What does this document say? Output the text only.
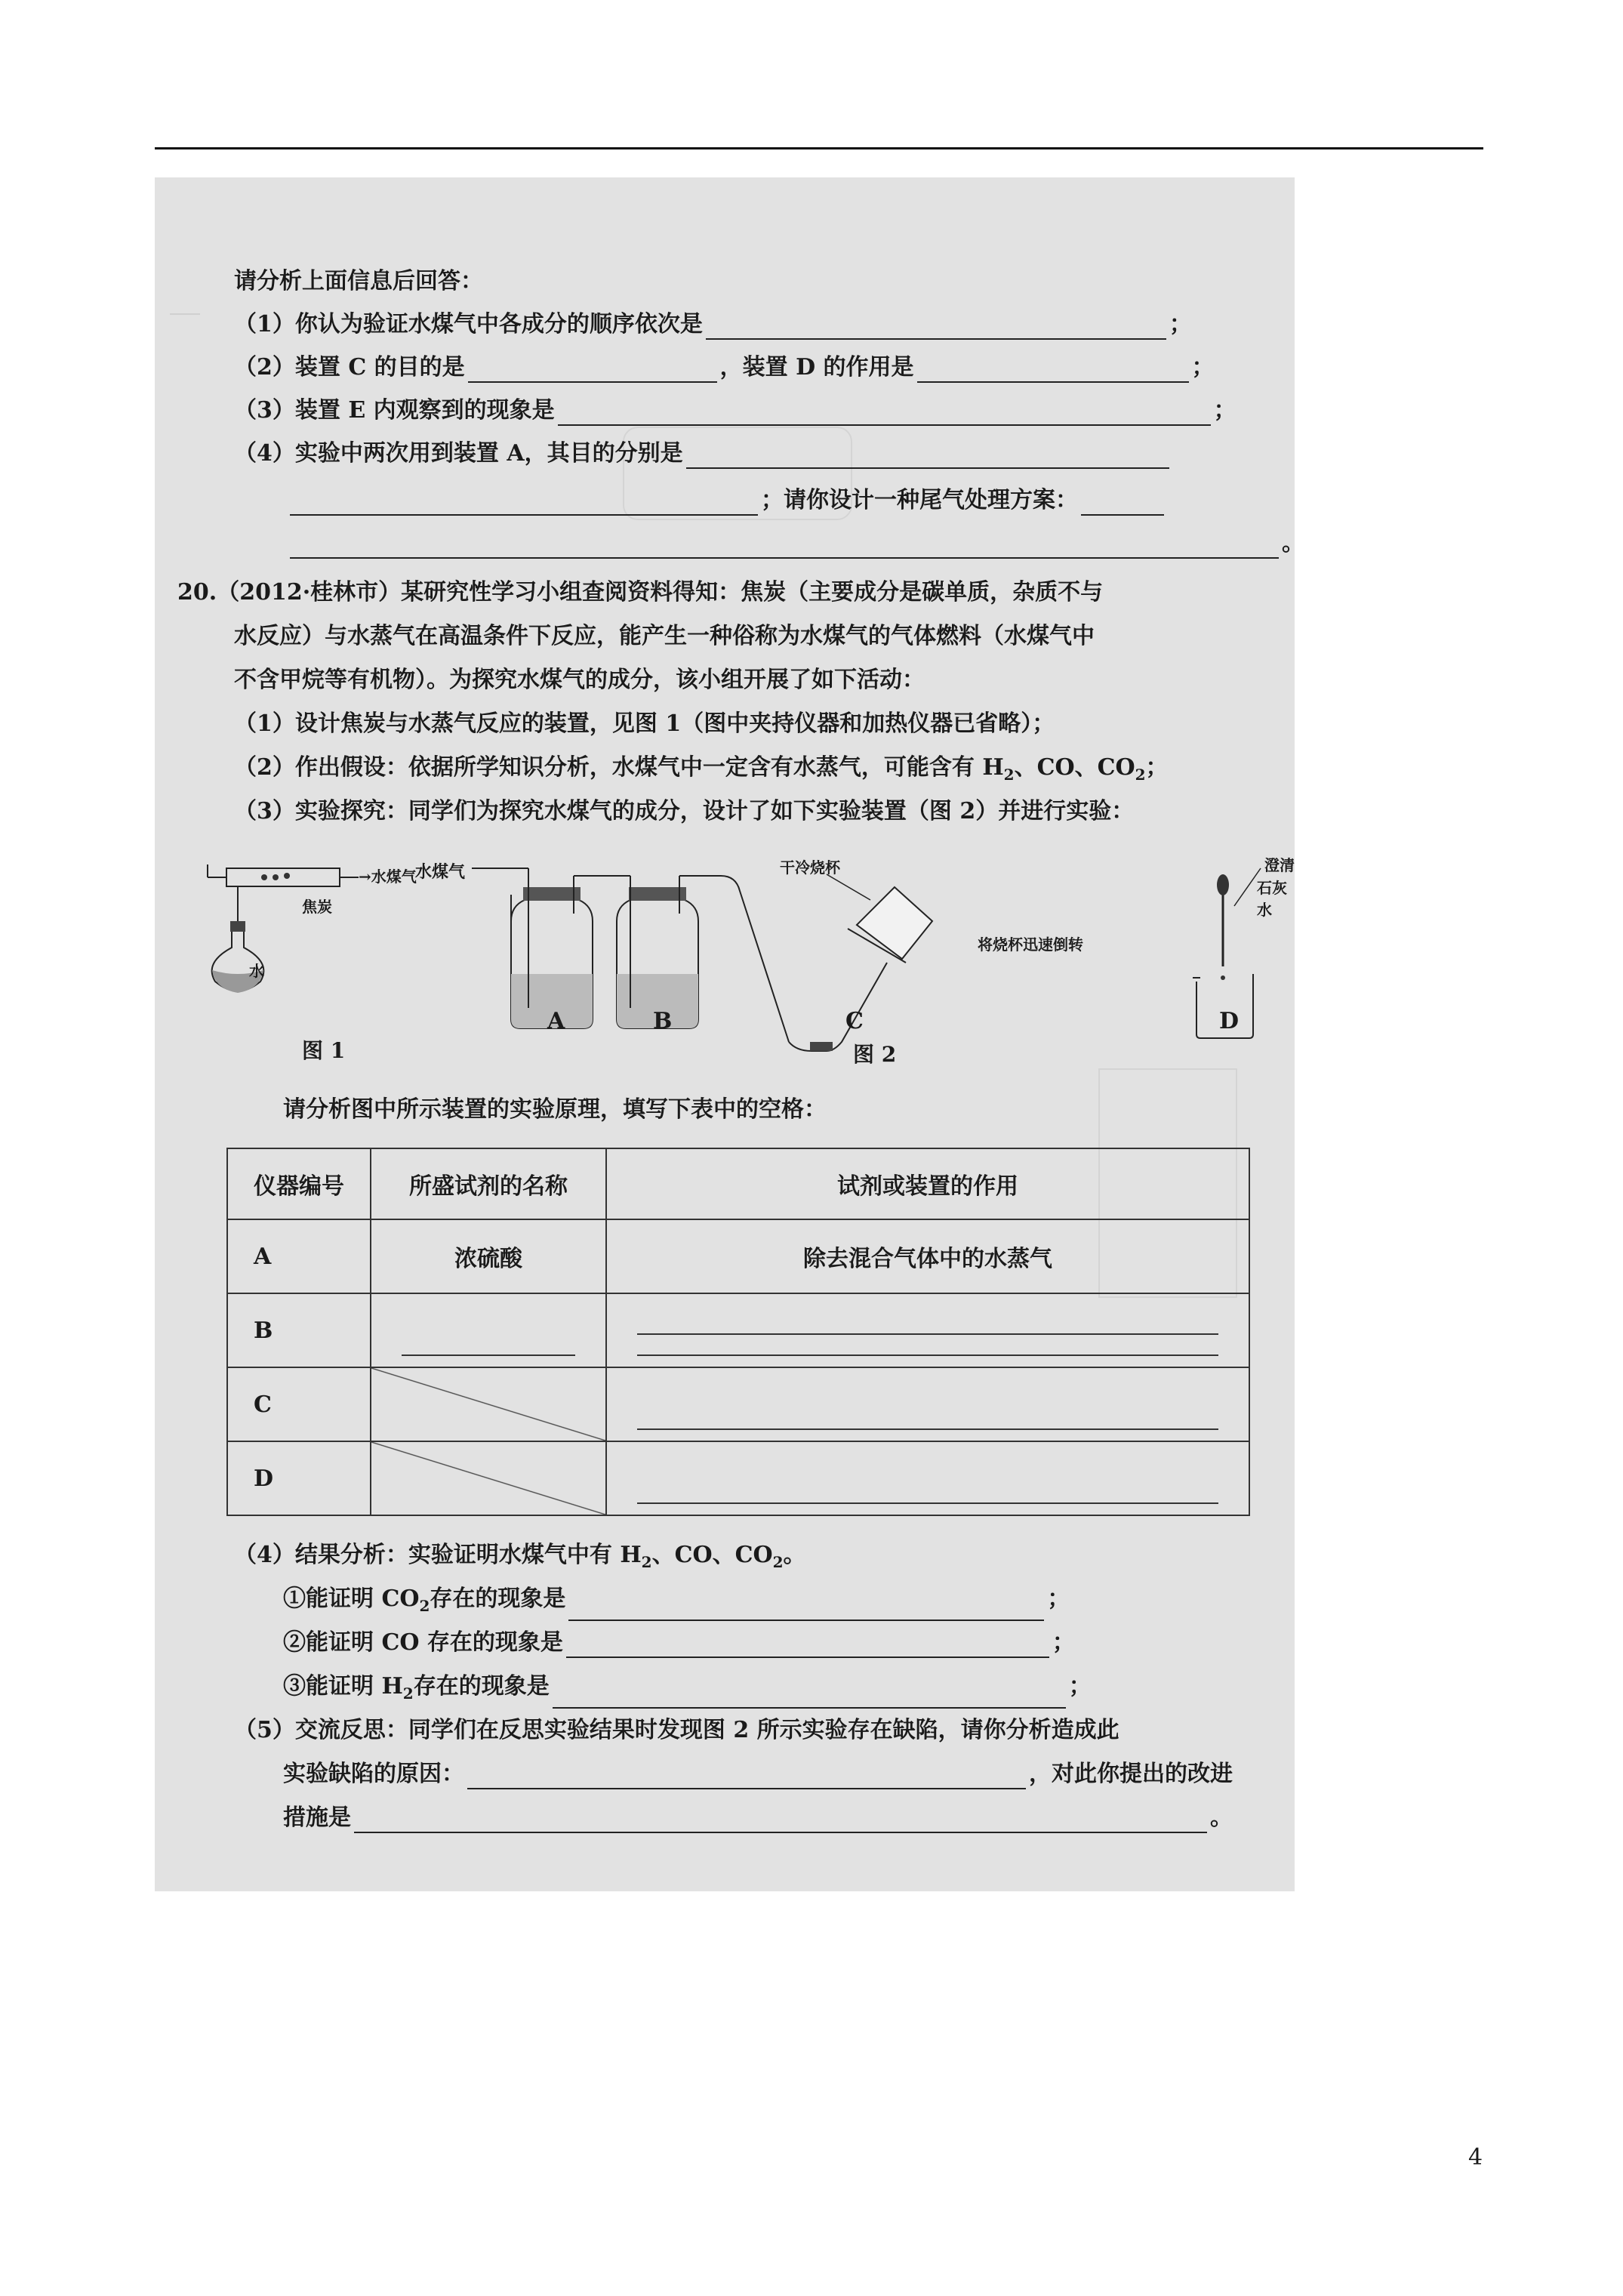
请分析上面信息后回答：
（1）你认为验证水煤气中各成分的顺序依次是	；
（2）装置 C 的目的是	，装置 D 的作用是	；
（3）装置 E 内观察到的现象是	；
（4）实验中两次用到装置 A，其目的分别是
；请你设计一种尾气处理方案：
。
20.（2012·桂林市）某研究性学习小组查阅资料得知：焦炭（主要成分是碳单质，杂质不与
水反应）与水蒸气在高温条件下反应，能产生一种俗称为水煤气的气体燃料（水煤气中
不含甲烷等有机物）。为探究水煤气的成分，该小组开展了如下活动：
（1）设计焦炭与水蒸气反应的装置，见图 1（图中夹持仪器和加热仪器已省略）；
（2）作出假设：依据所学知识分析，水煤气中一定含有水蒸气，可能含有 $H_2$、CO、$CO_2$；
（3）实验探究：同学们为探究水煤气的成分，设计了如下实验装置（图 2）并进行实验：
→水煤气
焦炭
水
图 1
水煤气	干冷烧杯
将烧杯迅速倒转
澄清
石灰水
A	B	C	D
图 2
请分析图中所示装置的实验原理，填写下表中的空格：
仪器编号	所盛试剂的名称	试剂或装置的作用
A	浓硫酸	除去混合气体中的水蒸气
B	

C		

D		
（4）结果分析：实验证明水煤气中有 $H_2$、CO、$CO_2$。
①能证明 $CO_2$存在的现象是	；
②能证明 CO 存在的现象是	；
③能证明 $H_2$存在的现象是	；
（5）交流反思：同学们在反思实验结果时发现图 2 所示实验存在缺陷，请你分析造成此
实验缺陷的原因：	，对此你提出的改进
措施是	。
4
